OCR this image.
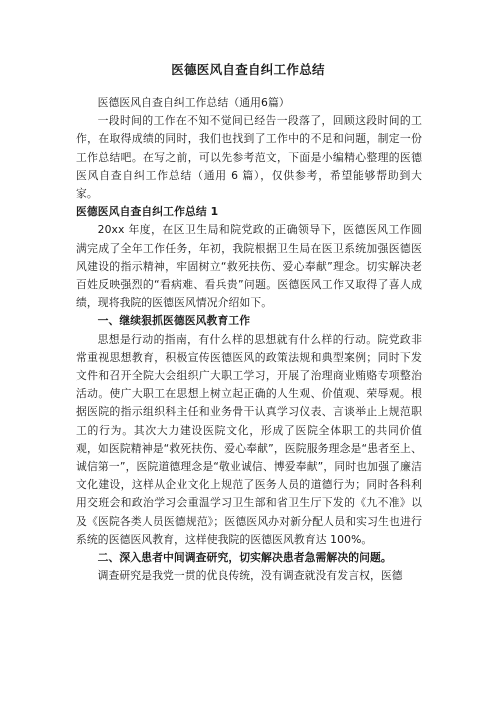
医德医风自查自纠工作总结

医德医风自查自纠工作总结（通用6篇）

一段时间的工作在不知不觉间已经告一段落了，回顾这段时间的工作，在取得成绩的同时，我们也找到了工作中的不足和问题，制定一份工作总结吧。在写之前，可以先参考范文，下面是小编精心整理的医德医风自查自纠工作总结（通用 6 篇），仅供参考，希望能够帮助到大家。

医德医风自查自纠工作总结 1

20xx 年度，在区卫生局和院党政的正确领导下，医德医风工作圆满完成了全年工作任务，年初，我院根据卫生局在医卫系统加强医德医风建设的指示精神，牢固树立“救死扶伤、爱心奉献”理念。切实解决老百姓反映强烈的“看病难、看兵贵”问题。医德医风工作又取得了喜人成绩，现将我院的医德医风情况介绍如下。

一、继续狠抓医德医风教育工作

思想是行动的指南，有什么样的思想就有什么样的行动。院党政非常重视思想教育，积极宣传医德医风的政策法规和典型案例；同时下发文件和召开全院大会组织广大职工学习，开展了治理商业贿赂专项整治活动。使广大职工在思想上树立起正确的人生观、价值观、荣辱观。根据医院的指示组织科主任和业务骨干认真学习仪表、言谈举止上规范职工的行为。其次大力建设医院文化，形成了医院全体职工的共同价值观，如医院精神是“救死扶伤、爱心奉献”，医院服务理念是“患者至上、诚信第一”，医院道德理念是“敬业诚信、博爱奉献”，同时也加强了廉洁文化建设，这样从企业文化上规范了医务人员的道德行为；同时各科利用交班会和政治学习会重温学习卫生部和省卫生厅下发的《九不准》以及《医院各类人员医德规范》；医德医风办对新分配人员和实习生也进行系统的医德医风教育，这样使我院的医德医风教育达 100%。

二、深入患者中间调查研究，切实解决患者急需解决的问题。

调查研究是我党一贯的优良传统，没有调查就没有发言权，医德
